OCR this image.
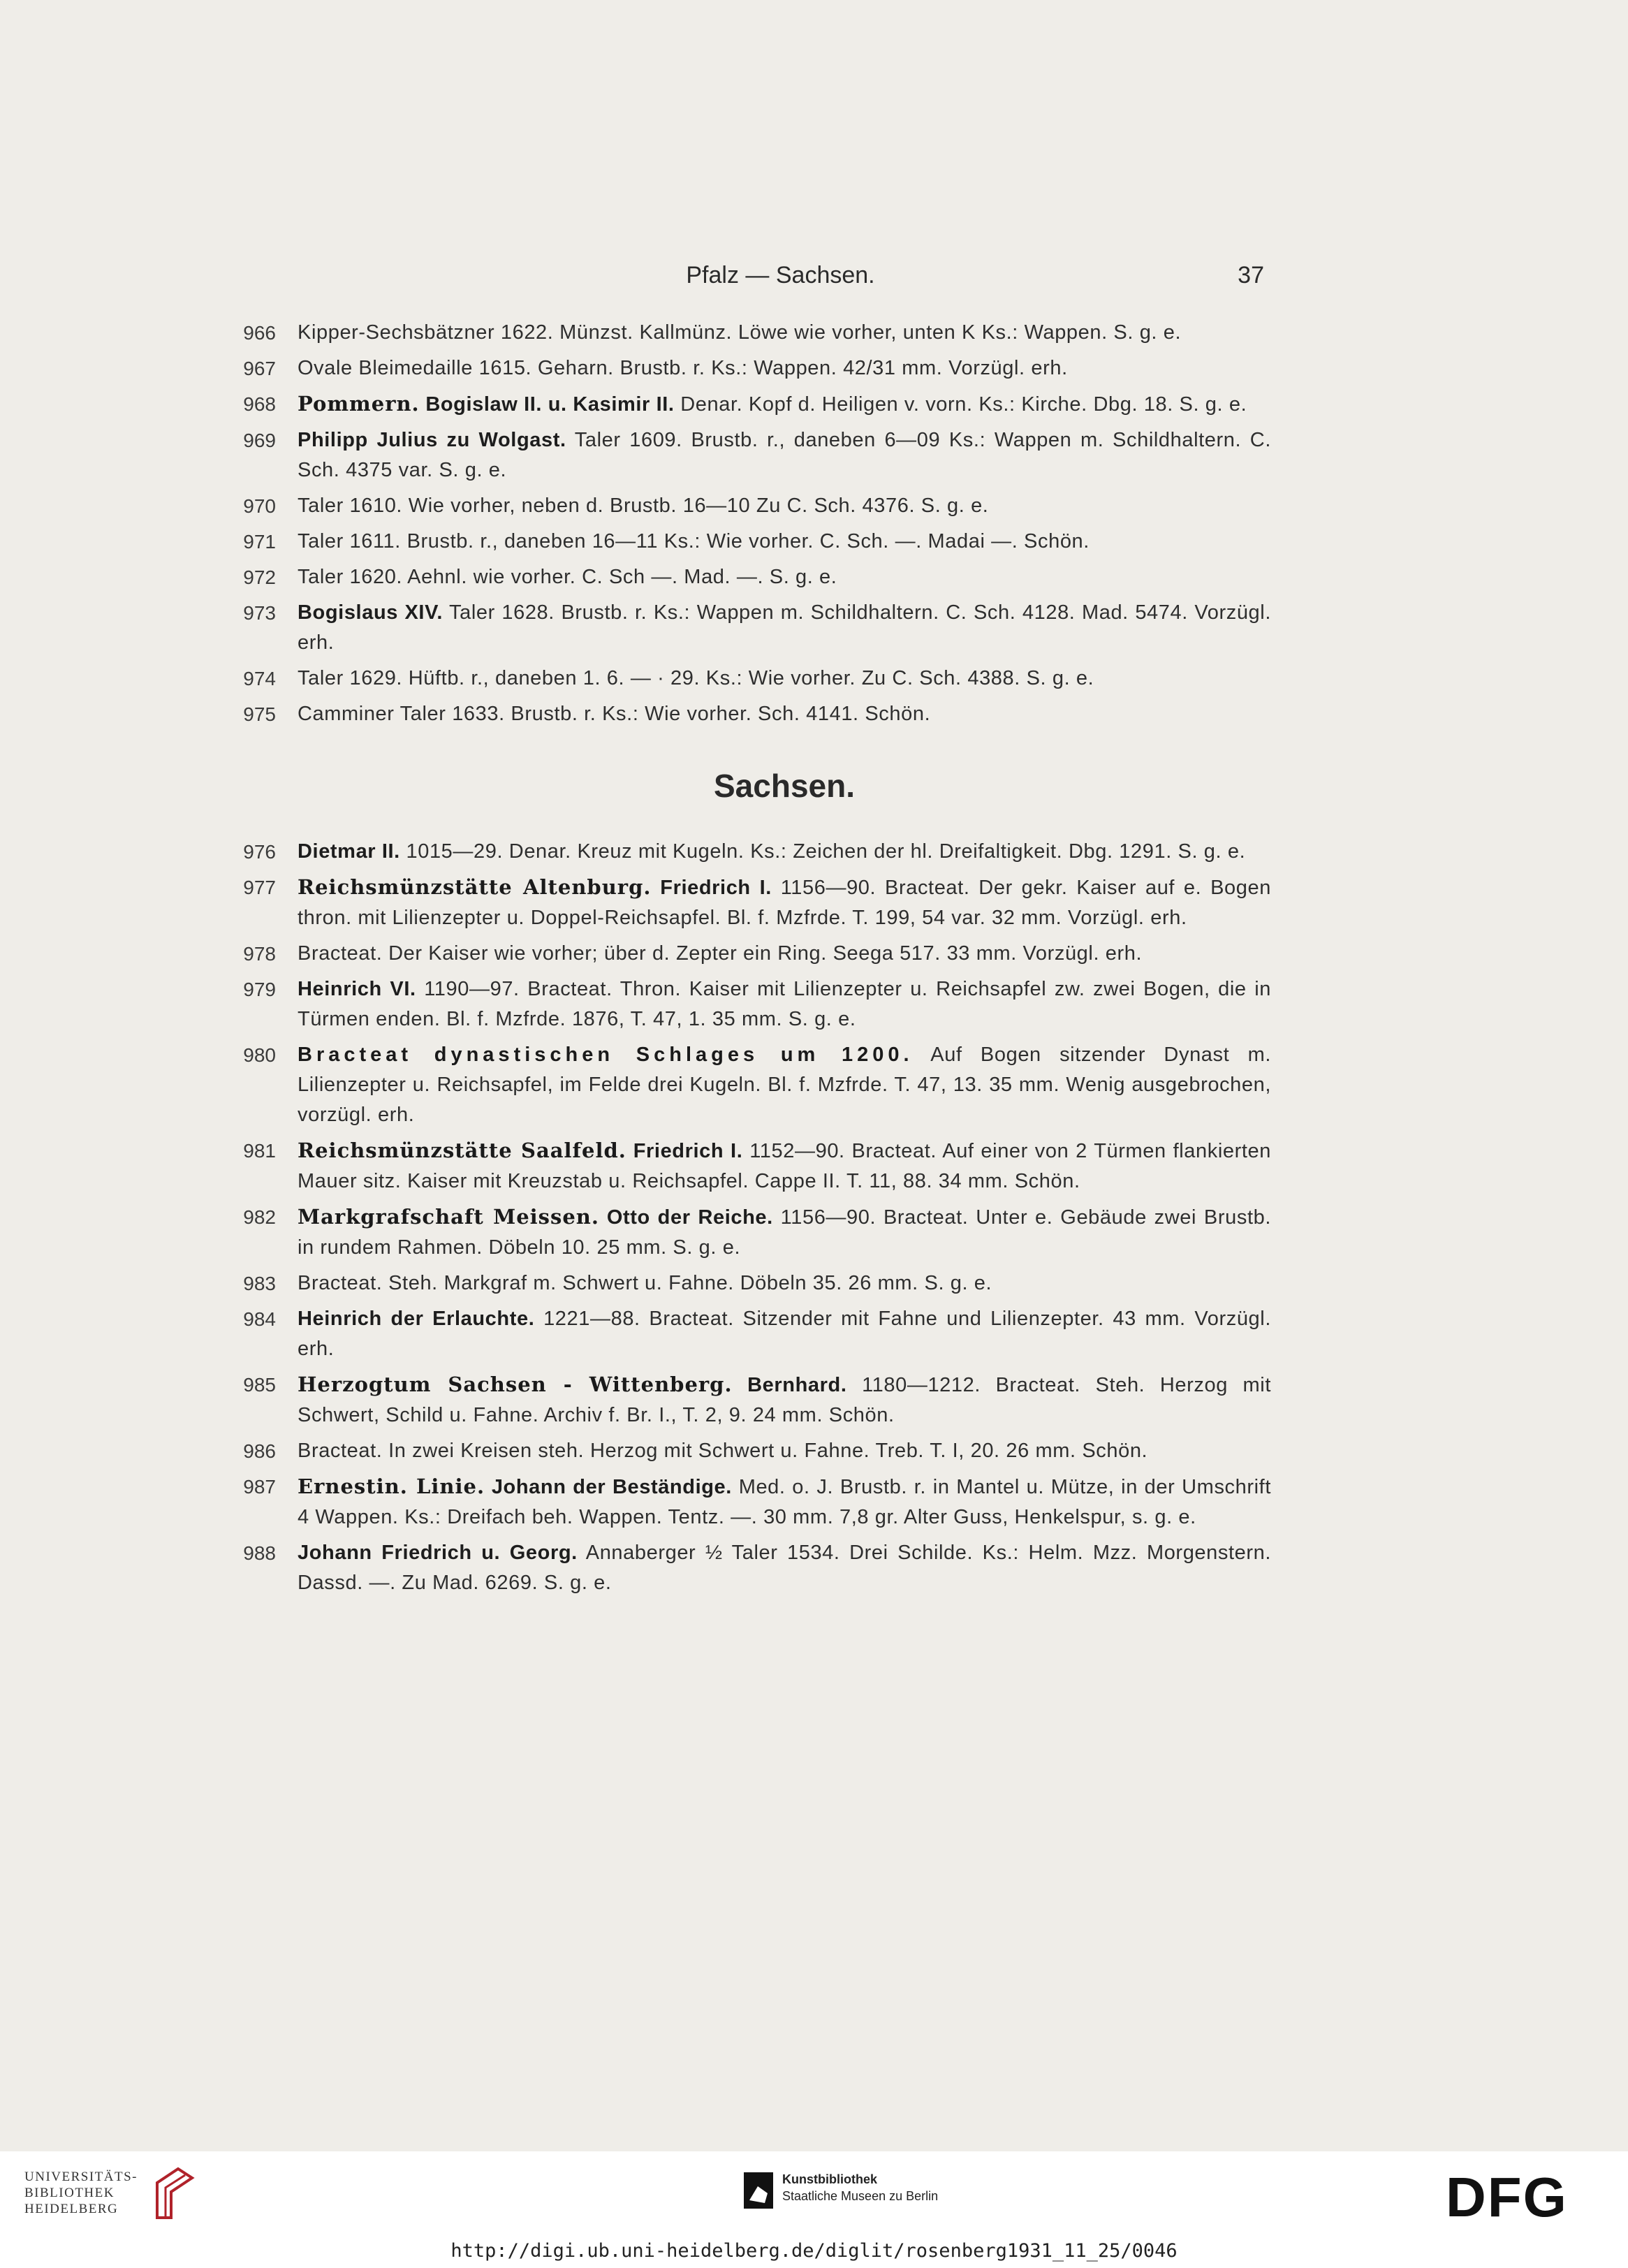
Pfalz — Sachsen.	37
966 Kipper-Sechsbätzner 1622. Münzst. Kallmünz. Löwe wie vorher, unten K Ks.: Wappen. S. g. e.
967 Ovale Bleimedaille 1615. Geharn. Brustb. r. Ks.: Wappen. 42/31 mm. Vorzügl. erh.
968 Pommern. Bogislaw II. u. Kasimir II. Denar. Kopf d. Heiligen v. vorn. Ks.: Kirche. Dbg. 18. S. g. e.
969 Philipp Julius zu Wolgast. Taler 1609. Brustb. r., daneben 6—09 Ks.: Wappen m. Schildhaltern. C. Sch. 4375 var. S. g. e.
970 Taler 1610. Wie vorher, neben d. Brustb. 16—10 Zu C. Sch. 4376. S. g. e.
971 Taler 1611. Brustb. r., daneben 16—11 Ks.: Wie vorher. C. Sch. —. Madai —. Schön.
972 Taler 1620. Aehnl. wie vorher. C. Sch —. Mad. —. S. g. e.
973 Bogislaus XIV. Taler 1628. Brustb. r. Ks.: Wappen m. Schildhaltern. C. Sch. 4128. Mad. 5474. Vorzügl. erh.
974 Taler 1629. Hüftb. r., daneben 1. 6. — · 29. Ks.: Wie vorher. Zu C. Sch. 4388. S. g. e.
975 Camminer Taler 1633. Brustb. r. Ks.: Wie vorher. Sch. 4141. Schön.
Sachsen.
976 Dietmar II. 1015—29. Denar. Kreuz mit Kugeln. Ks.: Zeichen der hl. Dreifaltigkeit. Dbg. 1291. S. g. e.
977 Reichsmünzstätte Altenburg. Friedrich I. 1156—90. Bracteat. Der gekr. Kaiser auf e. Bogen thron. mit Lilienzepter u. Doppel-Reichsapfel. Bl. f. Mzfrde. T. 199, 54 var. 32 mm. Vorzügl. erh.
978 Bracteat. Der Kaiser wie vorher; über d. Zepter ein Ring. Seega 517. 33 mm. Vorzügl. erh.
979 Heinrich VI. 1190—97. Bracteat. Thron. Kaiser mit Lilienzepter u. Reichsapfel zw. zwei Bogen, die in Türmen enden. Bl. f. Mzfrde. 1876, T. 47, 1. 35 mm. S. g. e.
980 Bracteat dynastischen Schlages um 1200. Auf Bogen sitzender Dynast m. Lilienzepter u. Reichsapfel, im Felde drei Kugeln. Bl. f. Mzfrde. T. 47, 13. 35 mm. Wenig ausgebrochen, vorzügl. erh.
981 Reichsmünzstätte Saalfeld. Friedrich I. 1152—90. Bracteat. Auf einer von 2 Türmen flankierten Mauer sitz. Kaiser mit Kreuzstab u. Reichsapfel. Cappe II. T. 11, 88. 34 mm. Schön.
982 Markgrafschaft Meissen. Otto der Reiche. 1156—90. Bracteat. Unter e. Gebäude zwei Brustb. in rundem Rahmen. Döbeln 10. 25 mm. S. g. e.
983 Bracteat. Steh. Markgraf m. Schwert u. Fahne. Döbeln 35. 26 mm. S. g. e.
984 Heinrich der Erlauchte. 1221—88. Bracteat. Sitzender mit Fahne und Lilienzepter. 43 mm. Vorzügl. erh.
985 Herzogtum Sachsen - Wittenberg. Bernhard. 1180—1212. Bracteat. Steh. Herzog mit Schwert, Schild u. Fahne. Archiv f. Br. I., T. 2, 9. 24 mm. Schön.
986 Bracteat. In zwei Kreisen steh. Herzog mit Schwert u. Fahne. Treb. T. I, 20. 26 mm. Schön.
987 Ernestin. Linie. Johann der Beständige. Med. o. J. Brustb. r. in Mantel u. Mütze, in der Umschrift 4 Wappen. Ks.: Dreifach beh. Wappen. Tentz. —. 30 mm. 7,8 gr. Alter Guss, Henkelspur, s. g. e.
988 Johann Friedrich u. Georg. Annaberger ½ Taler 1534. Drei Schilde. Ks.: Helm. Mzz. Morgenstern. Dassd. —. Zu Mad. 6269. S. g. e.
UNIVERSITÄTS-
BIBLIOTHEK
HEIDELBERG
Kunstbibliothek
Staatliche Museen zu Berlin	DFG
http://digi.ub.uni-heidelberg.de/diglit/rosenberg1931_11_25/0046
